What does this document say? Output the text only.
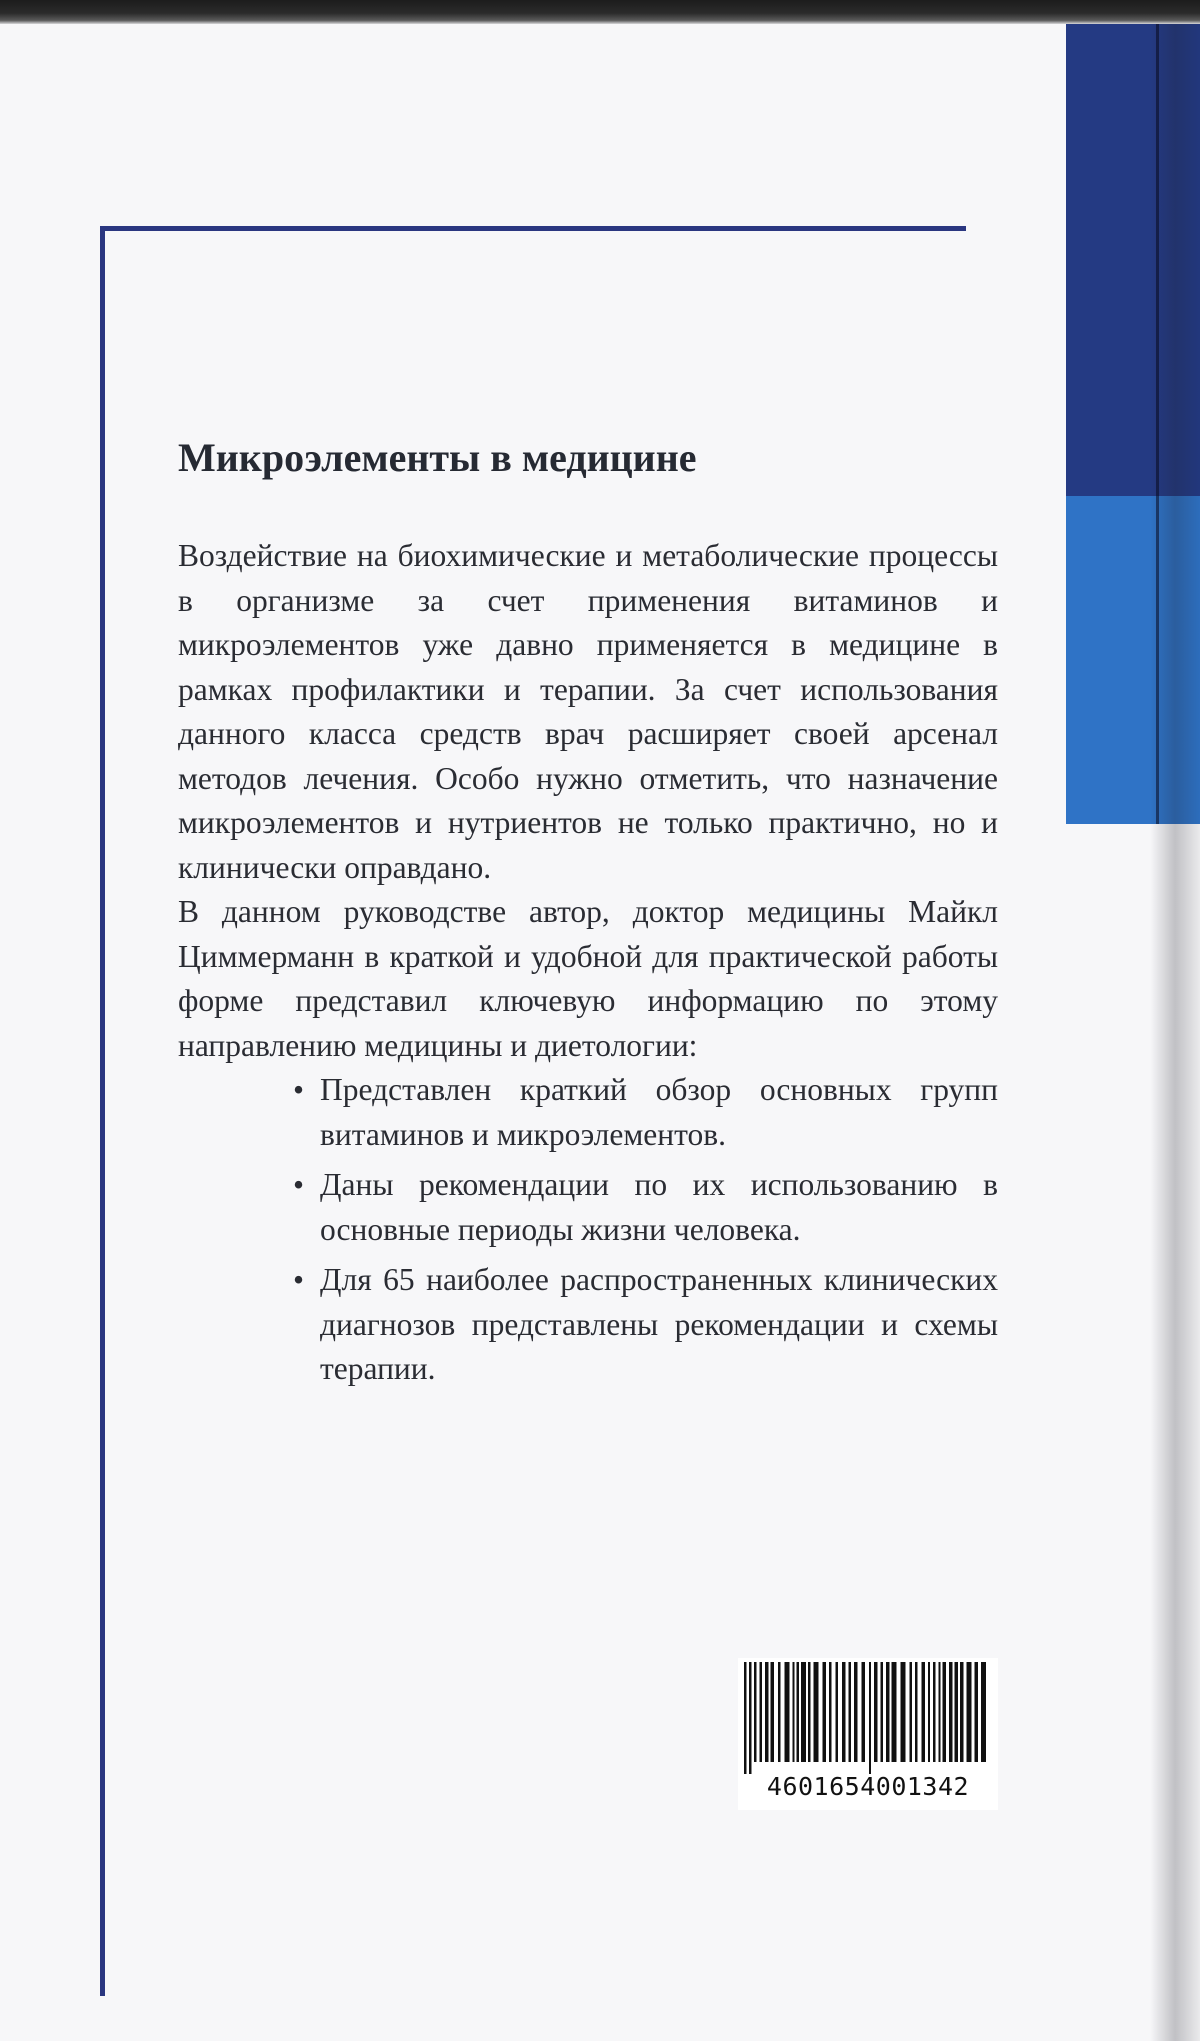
Микроэлементы в медицине

Воздействие на биохимические и метаболические процессы в организме за счет применения витаминов и микроэлементов уже давно применяется в медицине в рамках профилактики и терапии. За счет использования данного класса средств врач расширяет своей арсенал методов лечения. Особо нужно отметить, что назначение микроэлементов и нутриентов не только практично, но и клинически оправдано.

В данном руководстве автор, доктор медицины Майкл Циммерманн в краткой и удобной для практической работы форме представил ключевую информацию по этому направлению медицины и диетологии:

• Представлен краткий обзор основных групп витаминов и микроэлементов.
• Даны рекомендации по их использованию в основные периоды жизни человека.
• Для 65 наиболее распространенных клинических диагнозов представлены рекомендации и схемы терапии.
4601654001342
